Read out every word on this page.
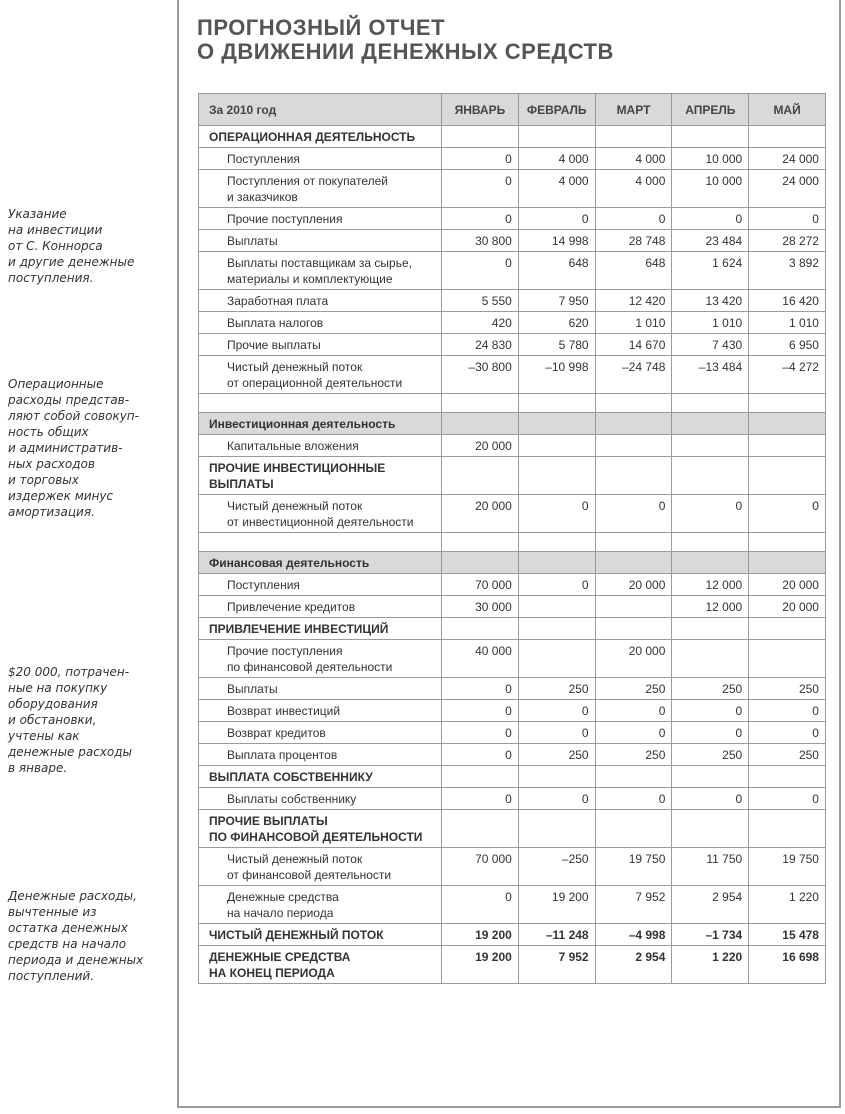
Указание
на инвестиции
от С. Коннорса
и другие денежные
поступления.
Операционные
расходы представ-
ляют собой совокуп-
ность общих
и административ-
ных расходов
и торговых
издержек минус
амортизация.
$20 000, потрачен-
ные на покупку
оборудования
и обстановки,
учтены как
денежные расходы
в январе.
Денежные расходы,
вычтенные из
остатка денежных
средств на начало
периода и денежных
поступлений.
ПРОГНОЗНЫЙ ОТЧЕТ
О ДВИЖЕНИИ ДЕНЕЖНЫХ СРЕДСТВ
За 2010 год	ЯНВАРЬ	ФЕВРАЛЬ	МАРТ	АПРЕЛЬ	МАЙ
ОПЕРАЦИОННАЯ ДЕЯТЕЛЬНОСТЬ					
Поступления	0	4 000	4 000	10 000	24 000
Поступления от покупателей
и заказчиков	0	4 000	4 000	10 000	24 000
Прочие поступления	0	0	0	0	0
Выплаты	30 800	14 998	28 748	23 484	28 272
Выплаты поставщикам за сырье,
материалы и комплектующие	0	648	648	1 624	3 892
Заработная плата	5 550	7 950	12 420	13 420	16 420
Выплата налогов	420	620	1 010	1 010	1 010
Прочие выплаты	24 830	5 780	14 670	7 430	6 950
Чистый денежный поток
от операционной деятельности	–30 800	–10 998	–24 748	–13 484	–4 272

Инвестиционная деятельность					
Капитальные вложения	20 000				
ПРОЧИЕ ИНВЕСТИЦИОННЫЕ
ВЫПЛАТЫ					
Чистый денежный поток
от инвестиционной деятельности	20 000	0	0	0	0

Финансовая деятельность					
Поступления	70 000	0	20 000	12 000	20 000
Привлечение кредитов	30 000			12 000	20 000
ПРИВЛЕЧЕНИЕ ИНВЕСТИЦИЙ					
Прочие поступления
по финансовой деятельности	40 000		20 000		
Выплаты	0	250	250	250	250
Возврат инвестиций	0	0	0	0	0
Возврат кредитов	0	0	0	0	0
Выплата процентов	0	250	250	250	250
ВЫПЛАТА СОБСТВЕННИКУ					
Выплаты собственнику	0	0	0	0	0
ПРОЧИЕ ВЫПЛАТЫ
ПО ФИНАНСОВОЙ ДЕЯТЕЛЬНОСТИ					
Чистый денежный поток
от финансовой деятельности	70 000	–250	19 750	11 750	19 750
Денежные средства
на начало периода	0	19 200	7 952	2 954	1 220
ЧИСТЫЙ ДЕНЕЖНЫЙ ПОТОК	19 200	–11 248	–4 998	–1 734	15 478
ДЕНЕЖНЫЕ СРЕДСТВА
НА КОНЕЦ ПЕРИОДА	19 200	7 952	2 954	1 220	16 698
